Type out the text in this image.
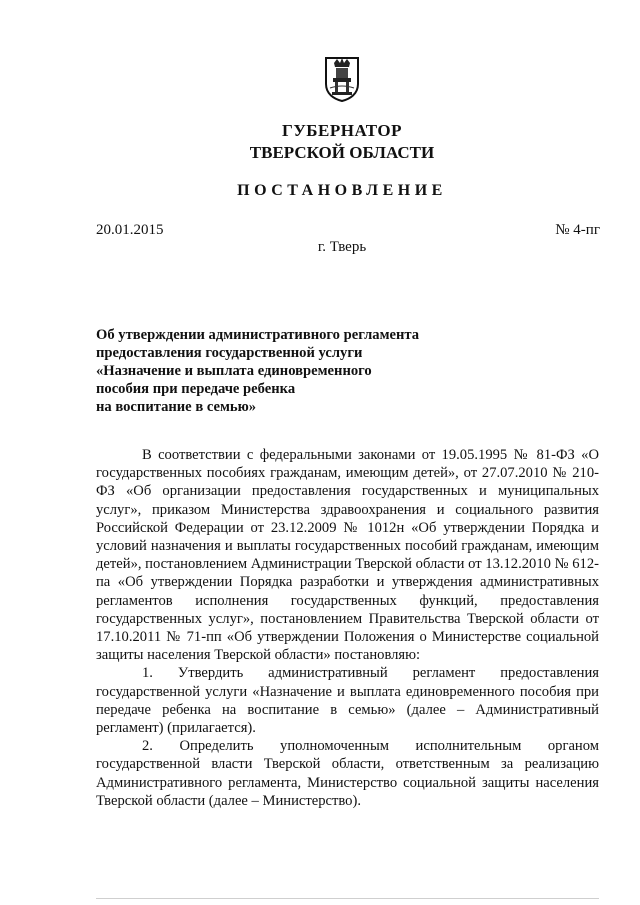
ГУБЕРНАТОР
ТВЕРСКОЙ ОБЛАСТИ
ПОСТАНОВЛЕНИЕ
20.01.2015	№ 4-пг
г. Тверь
Об утверждении административного регламента
предоставления государственной услуги
«Назначение и выплата единовременного
пособия при передаче ребенка
на воспитание в семью»

В соответствии с федеральными законами от 19.05.1995 № 81-ФЗ «О государственных пособиях гражданам, имеющим детей», от 27.07.2010 № 210-ФЗ «Об организации предоставления государственных и муниципальных услуг», приказом Министерства здравоохранения и социального развития Российской Федерации от 23.12.2009 № 1012н «Об утверждении Порядка и условий назначения и выплаты государственных пособий гражданам, имеющим детей», постановлением Администрации Тверской области от 13.12.2010 № 612-па «Об утверждении Порядка разработки и утверждения административных регламентов исполнения государственных функций, предоставления государственных услуг», постановлением Правительства Тверской области от 17.10.2011 № 71-пп «Об утверждении Положения о Министерстве социальной защиты населения Тверской области» постановляю:

1. Утвердить административный регламент предоставления государственной услуги «Назначение и выплата единовременного пособия при передаче ребенка на воспитание в семью» (далее – Административный регламент) (прилагается).

2. Определить уполномоченным исполнительным органом государственной власти Тверской области, ответственным за реализацию Административного регламента, Министерство социальной защиты населения Тверской области (далее – Министерство).
